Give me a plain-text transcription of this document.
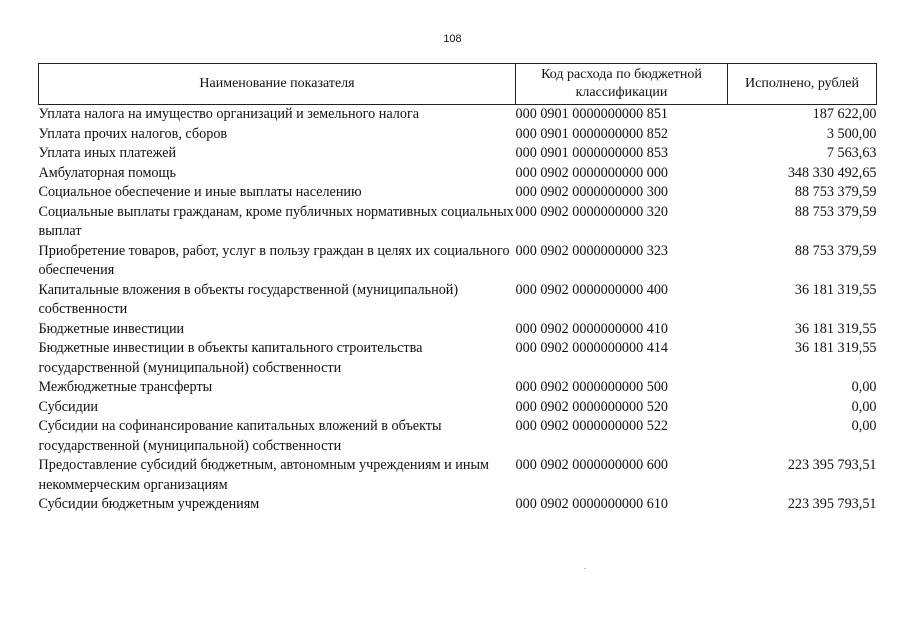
108
Наименование показателя	Код расхода по бюджетной классификации	Исполнено, рублей
Уплата налога на имущество организаций и земельного налога	000 0901 0000000000 851	187 622,00
Уплата прочих налогов, сборов	000 0901 0000000000 852	3 500,00
Уплата иных платежей	000 0901 0000000000 853	7 563,63
Амбулаторная помощь	000 0902 0000000000 000	348 330 492,65
Социальное обеспечение и иные выплаты населению	000 0902 0000000000 300	88 753 379,59
Социальные выплаты гражданам, кроме публичных нормативных социальных выплат	000 0902 0000000000 320	88 753 379,59
Приобретение товаров, работ, услуг в пользу граждан в целях их социального обеспечения	000 0902 0000000000 323	88 753 379,59
Капитальные вложения в объекты государственной (муниципальной) собственности	000 0902 0000000000 400	36 181 319,55
Бюджетные инвестиции	000 0902 0000000000 410	36 181 319,55
Бюджетные инвестиции в объекты капитального строительства государственной (муниципальной) собственности	000 0902 0000000000 414	36 181 319,55
Межбюджетные трансферты	000 0902 0000000000 500	0,00
Субсидии	000 0902 0000000000 520	0,00
Субсидии на софинансирование капитальных вложений в объекты государственной (муниципальной) собственности	000 0902 0000000000 522	0,00
Предоставление субсидий бюджетным, автономным учреждениям и иным некоммерческим организациям	000 0902 0000000000 600	223 395 793,51
Субсидии бюджетным учреждениям	000 0902 0000000000 610	223 395 793,51
